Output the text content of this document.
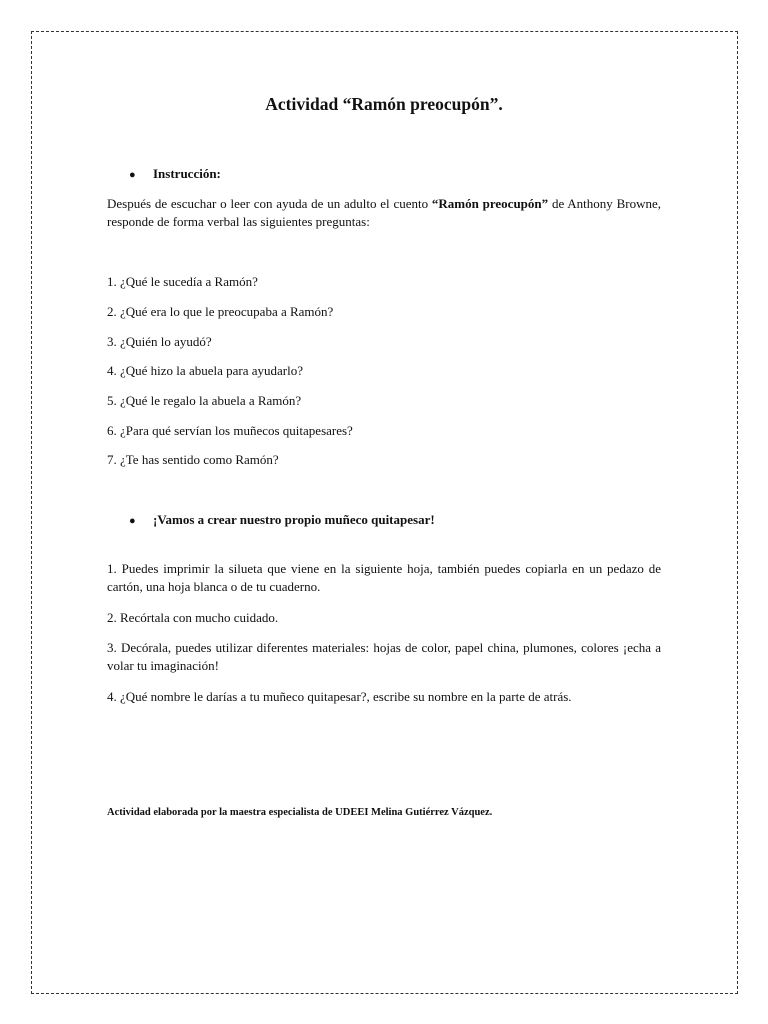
Actividad “Ramón preocupón”.
● Instrucción:

Después de escuchar o leer con ayuda de un adulto el cuento “Ramón preocupón” de Anthony Browne, responde de forma verbal las siguientes preguntas:

1. ¿Qué le sucedía a Ramón?

2. ¿Qué era lo que le preocupaba a Ramón?

3. ¿Quién lo ayudó?

4. ¿Qué hizo la abuela para ayudarlo?

5. ¿Qué le regalo la abuela a Ramón?

6. ¿Para qué servían los muñecos quitapesares?

7. ¿Te has sentido como Ramón?

● ¡Vamos a crear nuestro propio muñeco quitapesar!

1. Puedes imprimir la silueta que viene en la siguiente hoja, también puedes copiarla en un pedazo de cartón, una hoja blanca o de tu cuaderno.

2. Recórtala con mucho cuidado.

3. Decórala, puedes utilizar diferentes materiales: hojas de color, papel china, plumones, colores ¡echa a volar tu imaginación!

4. ¿Qué nombre le darías a tu muñeco quitapesar?, escribe su nombre en la parte de atrás.

Actividad elaborada por la maestra especialista de UDEEI Melina Gutiérrez Vázquez.
